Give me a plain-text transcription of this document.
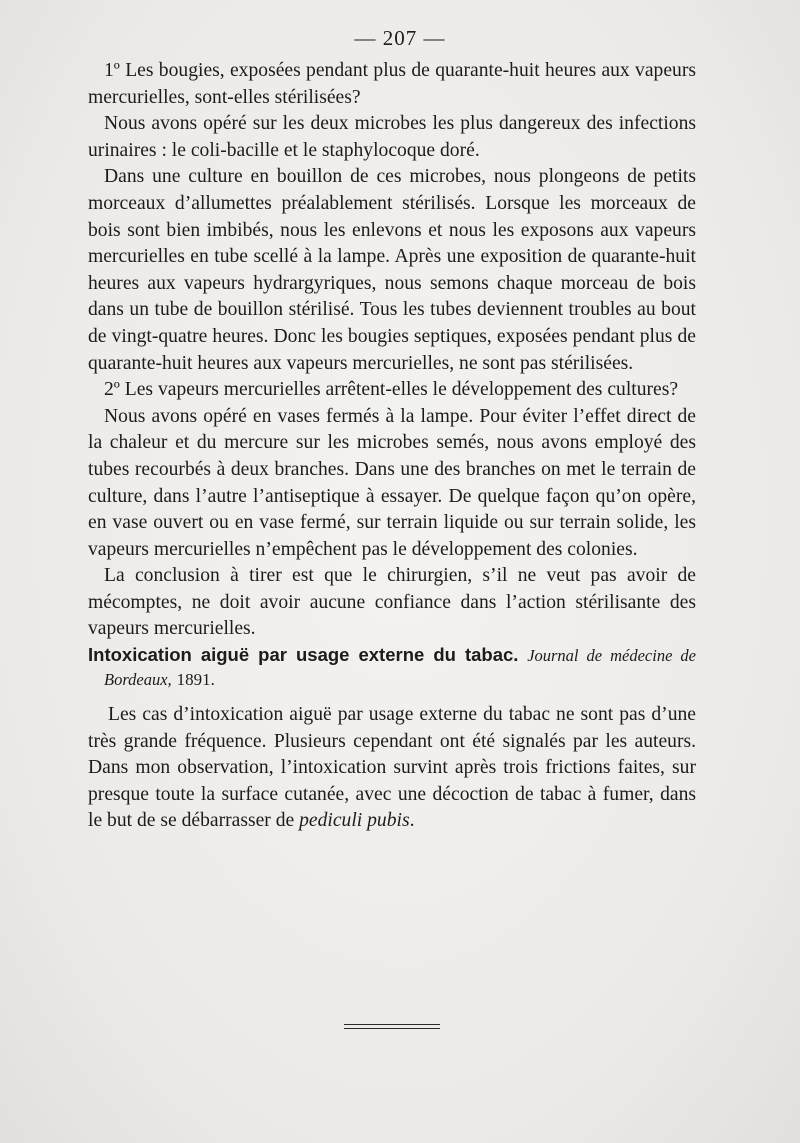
— 207 —

1º Les bougies, exposées pendant plus de quarante-huit heures aux vapeurs mercurielles, sont-elles stérilisées?

Nous avons opéré sur les deux microbes les plus dangereux des infections urinaires : le coli-bacille et le staphylocoque doré.

Dans une culture en bouillon de ces microbes, nous plongeons de petits morceaux d’allumettes préalablement stérilisés. Lorsque les morceaux de bois sont bien imbibés, nous les enlevons et nous les exposons aux vapeurs mercurielles en tube scellé à la lampe. Après une exposition de quarante-huit heures aux vapeurs hydrargyriques, nous semons chaque morceau de bois dans un tube de bouillon stérilisé. Tous les tubes deviennent troubles au bout de vingt-quatre heures. Donc les bougies septiques, exposées pendant plus de quarante-huit heures aux vapeurs mercurielles, ne sont pas stérilisées.

2º Les vapeurs mercurielles arrêtent-elles le développement des cultures?

Nous avons opéré en vases fermés à la lampe. Pour éviter l’effet direct de la chaleur et du mercure sur les microbes semés, nous avons employé des tubes recourbés à deux branches. Dans une des branches on met le terrain de culture, dans l’autre l’antiseptique à essayer. De quelque façon qu’on opère, en vase ouvert ou en vase fermé, sur terrain liquide ou sur terrain solide, les vapeurs mercurielles n’empêchent pas le développement des colonies.

La conclusion à tirer est que le chirurgien, s’il ne veut pas avoir de mécomptes, ne doit avoir aucune confiance dans l’action stérilisante des vapeurs mercurielles.

Intoxication aiguë par usage externe du tabac. Journal de médecine de Bordeaux, 1891.

Les cas d’intoxication aiguë par usage externe du tabac ne sont pas d’une très grande fréquence. Plusieurs cependant ont été signalés par les auteurs. Dans mon observation, l’intoxication survint après trois frictions faites, sur presque toute la surface cutanée, avec une décoction de tabac à fumer, dans le but de se débarrasser de pediculi pubis.
